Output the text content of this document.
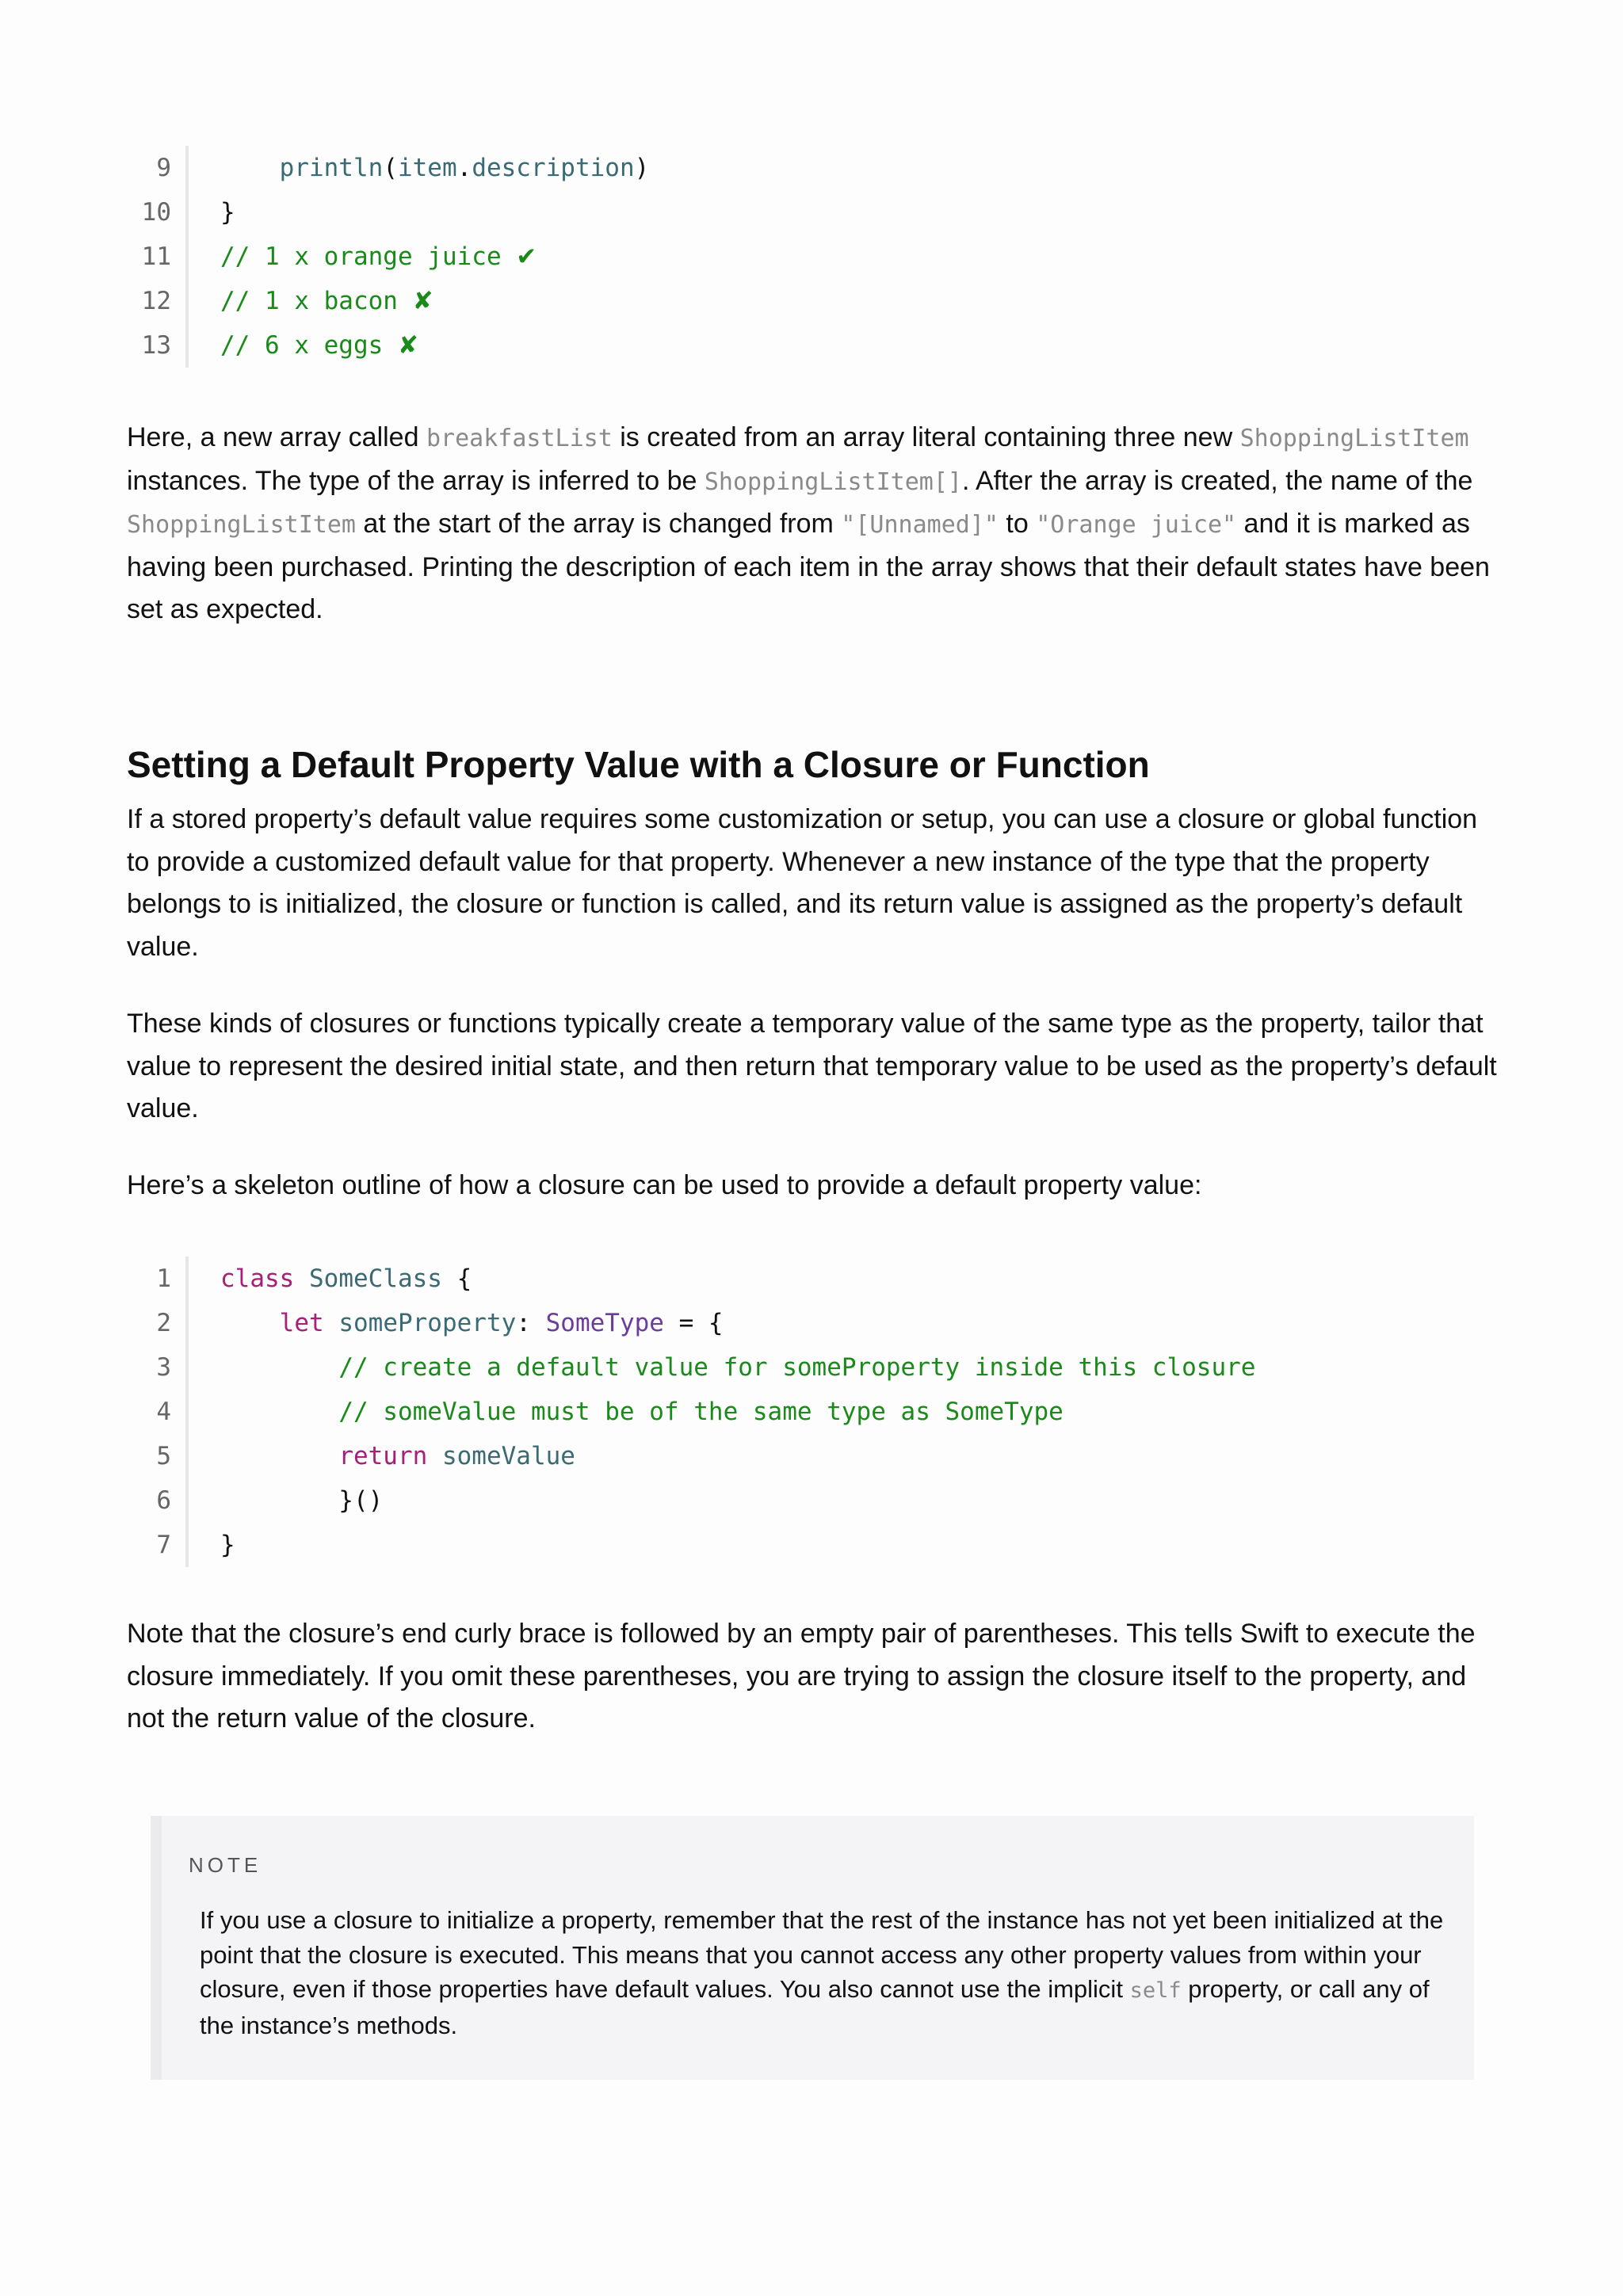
9	println(item.description)
10	}
11	// 1 x orange juice ✔
12	// 1 x bacon ✘
13	// 6 x eggs ✘

Here, a new array called breakfastList is created from an array literal containing three new ShoppingListItem instances. The type of the array is inferred to be ShoppingListItem[]. After the array is created, the name of the ShoppingListItem at the start of the array is changed from "[Unnamed]" to "Orange juice" and it is marked as having been purchased. Printing the description of each item in the array shows that their default states have been set as expected.

Setting a Default Property Value with a Closure or Function

If a stored property’s default value requires some customization or setup, you can use a closure or global function to provide a customized default value for that property. Whenever a new instance of the type that the property belongs to is initialized, the closure or function is called, and its return value is assigned as the property’s default value.

These kinds of closures or functions typically create a temporary value of the same type as the property, tailor that value to represent the desired initial state, and then return that temporary value to be used as the property’s default value.

Here’s a skeleton outline of how a closure can be used to provide a default property value:

1	class SomeClass {
2	let someProperty: SomeType = {
3	// create a default value for someProperty inside this closure
4	// someValue must be of the same type as SomeType
5	return someValue
6	}()
7	}

Note that the closure’s end curly brace is followed by an empty pair of parentheses. This tells Swift to execute the closure immediately. If you omit these parentheses, you are trying to assign the closure itself to the property, and not the return value of the closure.

NOTE

If you use a closure to initialize a property, remember that the rest of the instance has not yet been initialized at the point that the closure is executed. This means that you cannot access any other property values from within your closure, even if those properties have default values. You also cannot use the implicit self property, or call any of the instance’s methods.
